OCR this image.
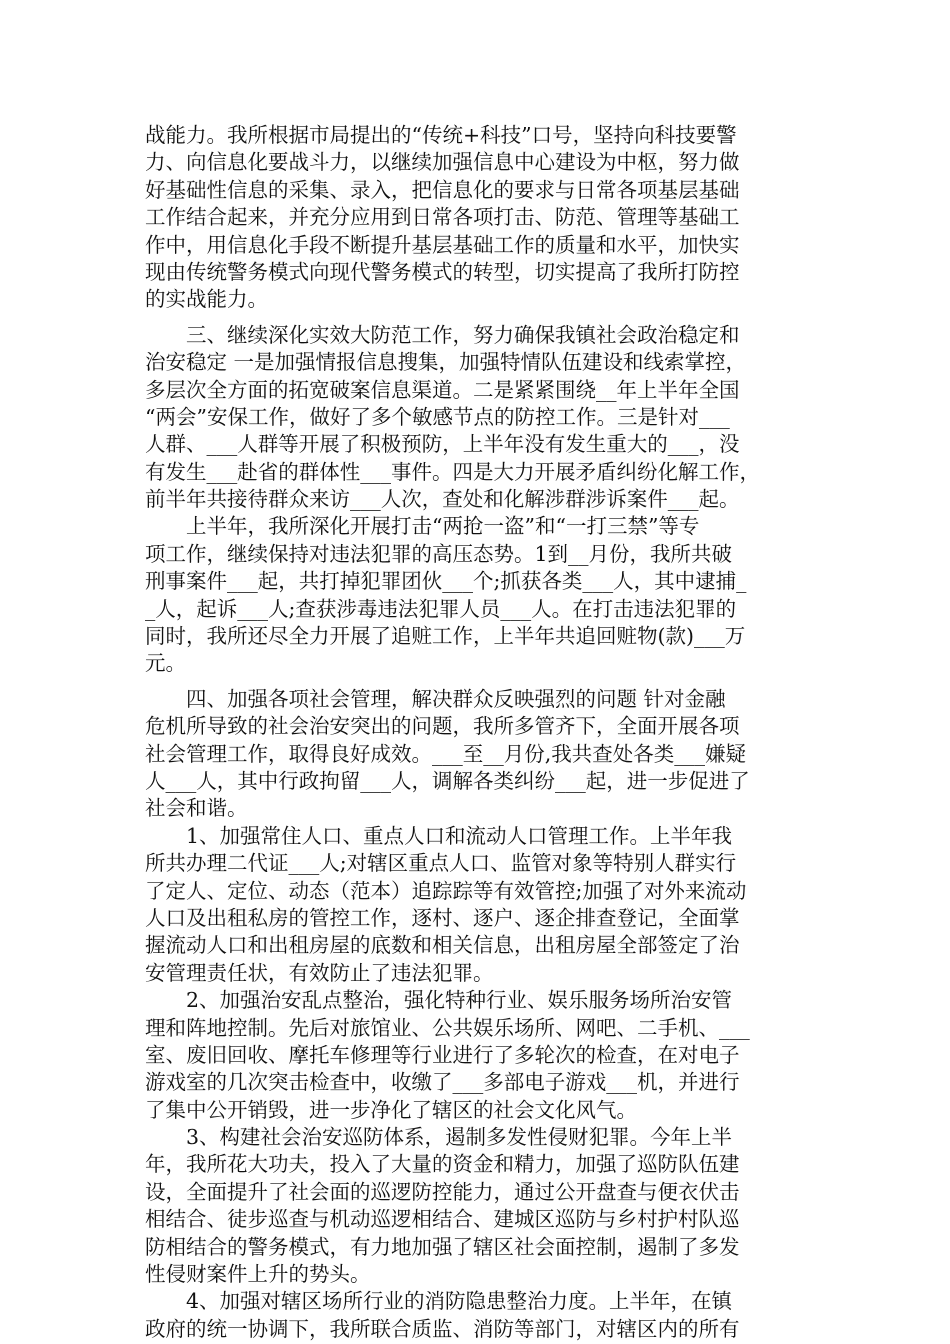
战能力。我所根据市局提出的“传统+科技”口号，坚持向科技要警
力、向信息化要战斗力，以继续加强信息中心建设为中枢，努力做
好基础性信息的采集、录入，把信息化的要求与日常各项基层基础
工作结合起来，并充分应用到日常各项打击、防范、管理等基础工
作中，用信息化手段不断提升基层基础工作的质量和水平，加快实
现由传统警务模式向现代警务模式的转型，切实提高了我所打防控
的实战能力。
　　三、继续深化实效大防范工作，努力确保我镇社会政治稳定和
治安稳定 一是加强情报信息搜集，加强特情队伍建设和线索掌控，
多层次全方面的拓宽破案信息渠道。二是紧紧围绕__年上半年全国
“两会”安保工作，做好了多个敏感节点的防控工作。三是针对___
人群、___人群等开展了积极预防，上半年没有发生重大的___，没
有发生___赴省的群体性___事件。四是大力开展矛盾纠纷化解工作，
前半年共接待群众来访___人次，查处和化解涉群涉诉案件___起。
　　上半年，我所深化开展打击“两抢一盗”和“一打三禁”等专
项工作，继续保持对违法犯罪的高压态势。1到__月份，我所共破
刑事案件___起，共打掉犯罪团伙___个;抓获各类___人，其中逮捕_
_人，起诉___人;查获涉毒违法犯罪人员___人。在打击违法犯罪的
同时，我所还尽全力开展了追赃工作，上半年共追回赃物(款)___万
元。
　　四、加强各项社会管理，解决群众反映强烈的问题 针对金融
危机所导致的社会治安突出的问题，我所多管齐下，全面开展各项
社会管理工作，取得良好成效。___至__月份,我共查处各类___嫌疑
人___人，其中行政拘留___人，调解各类纠纷___起，进一步促进了
社会和谐。
　　1、加强常住人口、重点人口和流动人口管理工作。上半年我
所共办理二代证___人;对辖区重点人口、监管对象等特别人群实行
了定人、定位、动态（范本）追踪踪等有效管控;加强了对外来流动
人口及出租私房的管控工作，逐村、逐户、逐企排查登记，全面掌
握流动人口和出租房屋的底数和相关信息，出租房屋全部签定了治
安管理责任状，有效防止了违法犯罪。
　　2、加强治安乱点整治，强化特种行业、娱乐服务场所治安管
理和阵地控制。先后对旅馆业、公共娱乐场所、网吧、二手机、___
室、废旧回收、摩托车修理等行业进行了多轮次的检查，在对电子
游戏室的几次突击检查中，收缴了___多部电子游戏___机，并进行
了集中公开销毁，进一步净化了辖区的社会文化风气。
　　3、构建社会治安巡防体系，遏制多发性侵财犯罪。今年上半
年，我所花大功夫，投入了大量的资金和精力，加强了巡防队伍建
设，全面提升了社会面的巡逻防控能力，通过公开盘查与便衣伏击
相结合、徒步巡查与机动巡逻相结合、建城区巡防与乡村护村队巡
防相结合的警务模式，有力地加强了辖区社会面控制，遏制了多发
性侵财案件上升的势头。
　　4、加强对辖区场所行业的消防隐患整治力度。上半年，在镇
政府的统一协调下，我所联合质监、消防等部门，对辖区内的所有
